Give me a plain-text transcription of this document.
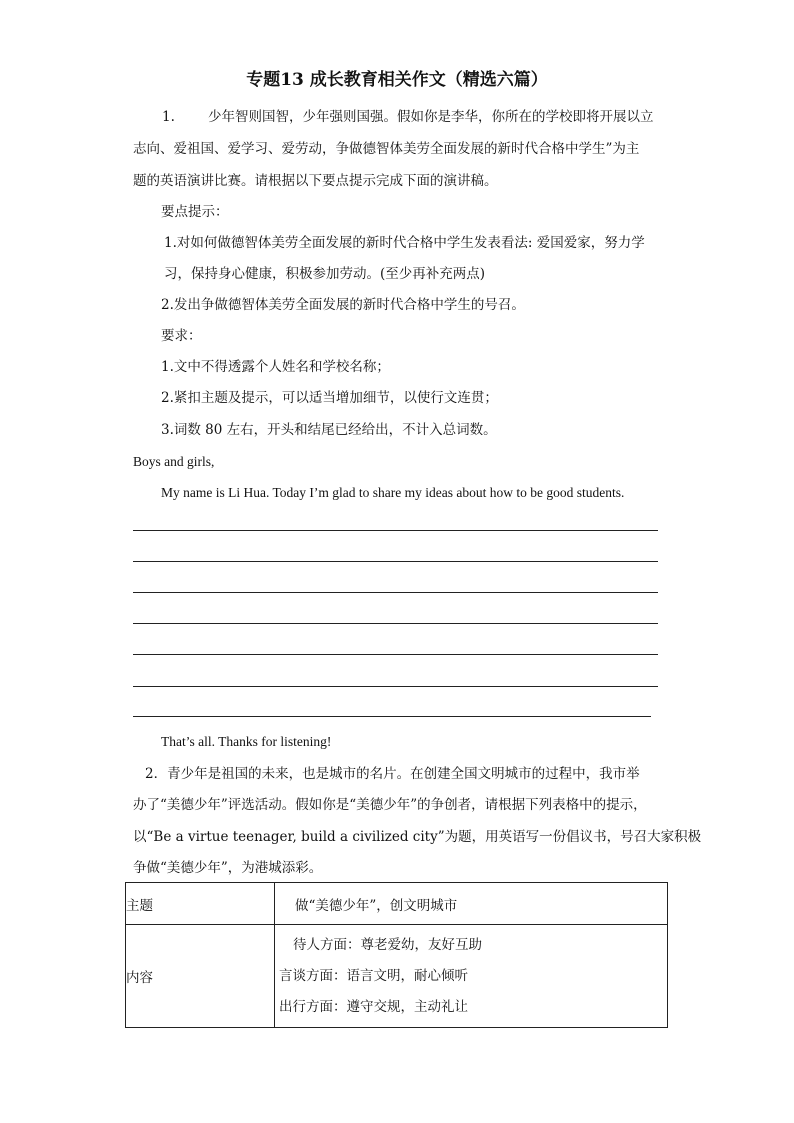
专题13 成长教育相关作文（精选六篇）
1. 少年智则国智，少年强则国强。假如你是李华，你所在的学校即将开展以立
志向、爱祖国、爱学习、爱劳动，争做德智体美劳全面发展的新时代合格中学生”为主
题的英语演讲比赛。请根据以下要点提示完成下面的演讲稿。
要点提示：
1.对如何做德智体美劳全面发展的新时代合格中学生发表看法: 爱国爱家，努力学
习，保持身心健康，积极参加劳动。(至少再补充两点)
2.发出争做德智体美劳全面发展的新时代合格中学生的号召。
要求：
1.文中不得透露个人姓名和学校名称；
2.紧扣主题及提示，可以适当增加细节，以使行文连贯；
3.词数 80 左右，开头和结尾已经给出，不计入总词数。
Boys and girls,
My name is Li Hua. Today I’m glad to share my ideas about how to be good students.
That’s all. Thanks for listening!
2．青少年是祖国的未来，也是城市的名片。在创建全国文明城市的过程中，我市举
办了“美德少年”评选活动。假如你是“美德少年”的争创者，请根据下列表格中的提示，
以“Be a virtue teenager, build a civilized city”为题，用英语写一份倡议书，号召大家积极
争做“美德少年”，为港城添彩。
主题	做“美德少年”，创文明城市
内容	待人方面：尊老爱幼，友好互助
言谈方面：语言文明，耐心倾听
出行方面：遵守交规，主动礼让
